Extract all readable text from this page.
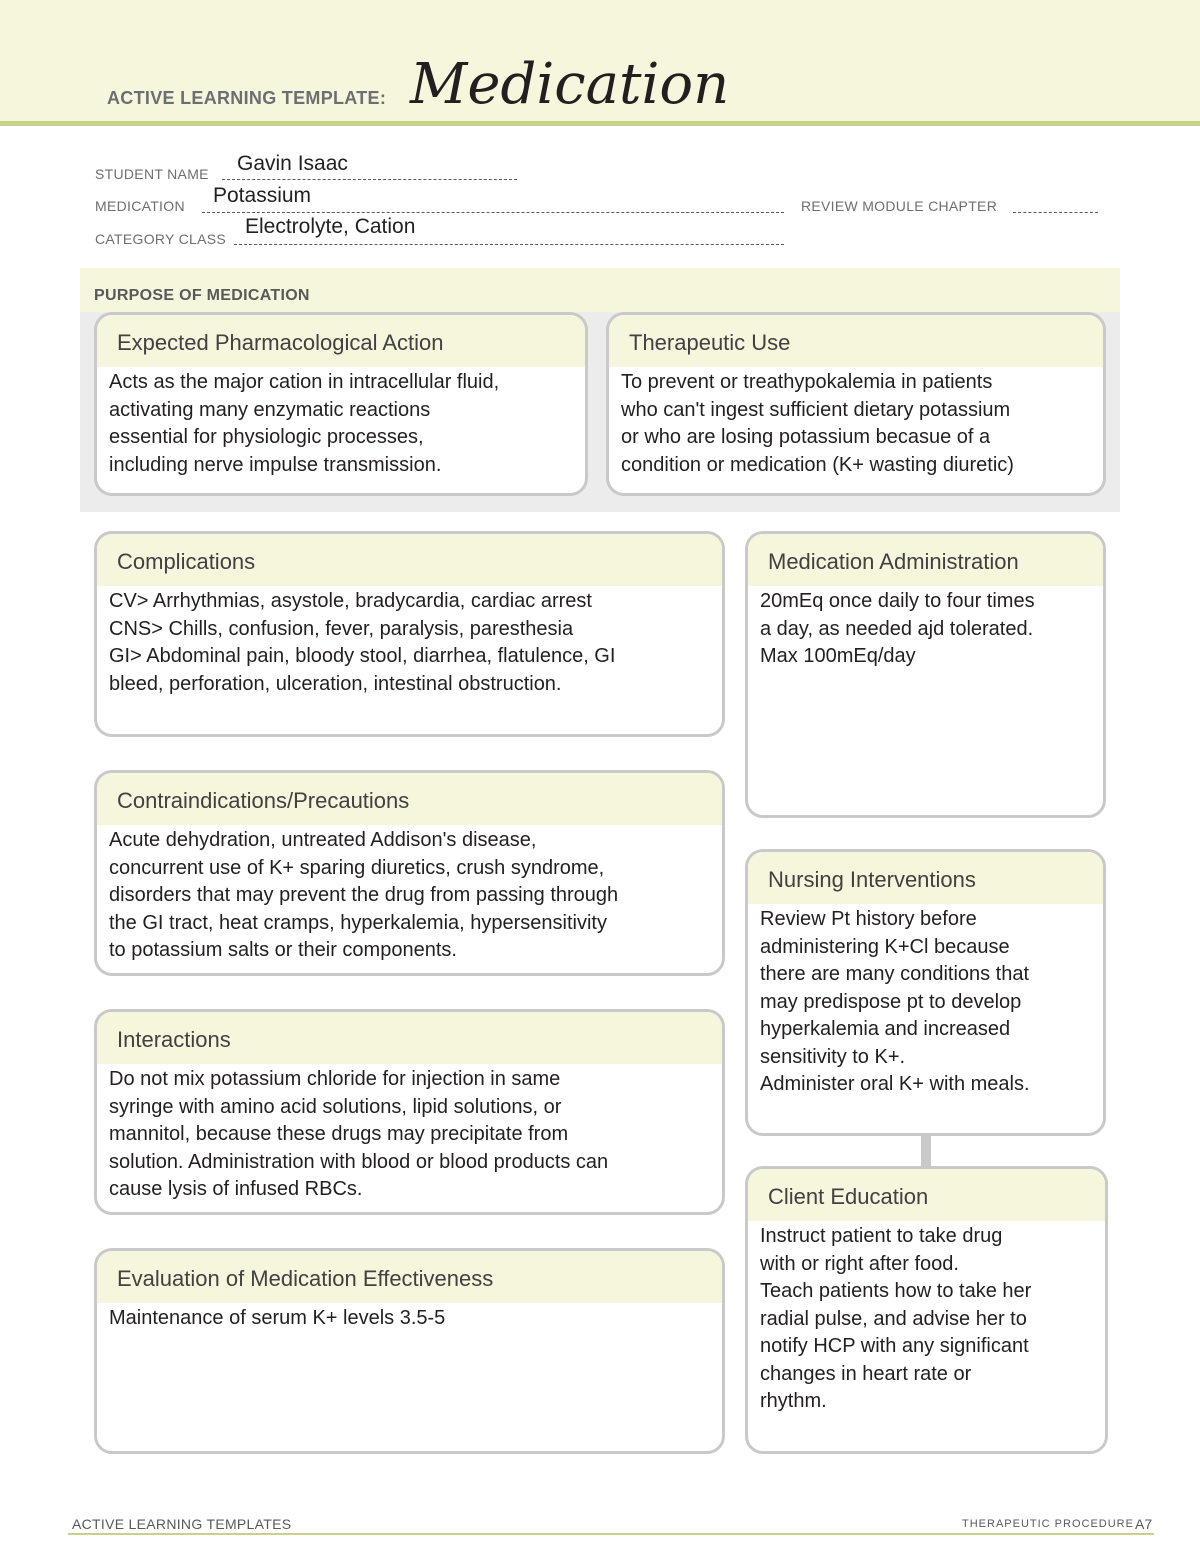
ACTIVE LEARNING TEMPLATE: Medication
STUDENT NAME Gavin Isaac
MEDICATION Potassium	REVIEW MODULE CHAPTER
CATEGORY CLASS
Electrolyte, Cation
PURPOSE OF MEDICATION
Expected Pharmacological Action
Acts as the major cation in intracellular fluid,
activating many enzymatic reactions
essential for physiologic processes,
including nerve impulse transmission.
Therapeutic Use
To prevent or treathypokalemia in patients
who can't ingest sufficient dietary potassium
or who are losing potassium becasue of a
condition or medication (K+ wasting diuretic)
Complications
CV> Arrhythmias, asystole, bradycardia, cardiac arrest
CNS> Chills, confusion, fever, paralysis, paresthesia
GI> Abdominal pain, bloody stool, diarrhea, flatulence, GI
bleed, perforation, ulceration, intestinal obstruction.
Contraindications/Precautions
Acute dehydration, untreated Addison's disease,
concurrent use of K+ sparing diuretics, crush syndrome,
disorders that may prevent the drug from passing through
the GI tract, heat cramps, hyperkalemia, hypersensitivity
to potassium salts or their components.
Interactions
Do not mix potassium chloride for injection in same
syringe with amino acid solutions, lipid solutions, or
mannitol, because these drugs may precipitate from
solution. Administration with blood or blood products can
cause lysis of infused RBCs.
Evaluation of Medication Effectiveness
Maintenance of serum K+ levels 3.5-5
Medication Administration
20mEq once daily to four times
a day, as needed ajd tolerated.
Max 100mEq/day
Nursing Interventions
Review Pt history before
administering K+Cl because
there are many conditions that
may predispose pt to develop
hyperkalemia and increased
sensitivity to K+.
Administer oral K+ with meals.
Client Education
Instruct patient to take drug
with or right after food.
Teach patients how to take her
radial pulse, and advise her to
notify HCP with any significant
changes in heart rate or
rhythm.
ACTIVE LEARNING TEMPLATES	THERAPEUTIC PROCEDURE A7
